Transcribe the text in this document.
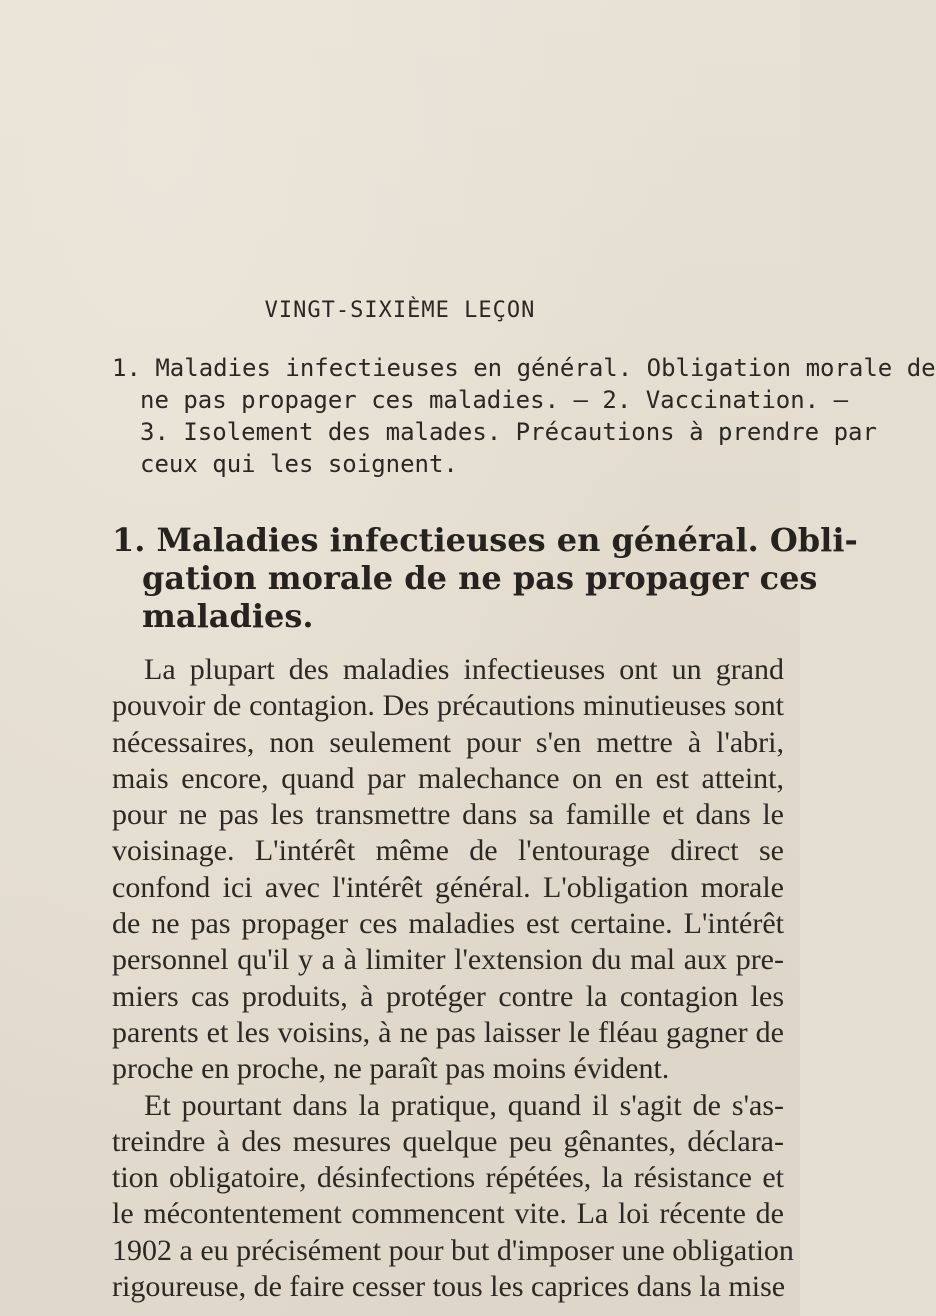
VINGT-SIXIÈME LEÇON
1. Maladies infectieuses en général. Obligation morale de
ne pas propager ces maladies. — 2. Vaccination. —
3. Isolement des malades. Précautions à prendre par
ceux qui les soignent.
1. Maladies infectieuses en général. Obli-
gation morale de ne pas propager ces
maladies.
La plupart des maladies infectieuses ont un grand
pouvoir de contagion. Des précautions minutieuses sont
nécessaires, non seulement pour s'en mettre à l'abri,
mais encore, quand par malechance on en est atteint,
pour ne pas les transmettre dans sa famille et dans le
voisinage. L'intérêt même de l'entourage direct se
confond ici avec l'intérêt général. L'obligation morale
de ne pas propager ces maladies est certaine. L'intérêt
personnel qu'il y a à limiter l'extension du mal aux pre-
miers cas produits, à protéger contre la contagion les
parents et les voisins, à ne pas laisser le fléau gagner de
proche en proche, ne paraît pas moins évident.
Et pourtant dans la pratique, quand il s'agit de s'as-
treindre à des mesures quelque peu gênantes, déclara-
tion obligatoire, désinfections répétées, la résistance et
le mécontentement commencent vite. La loi récente de
1902 a eu précisément pour but d'imposer une obligation
rigoureuse, de faire cesser tous les caprices dans la mise
